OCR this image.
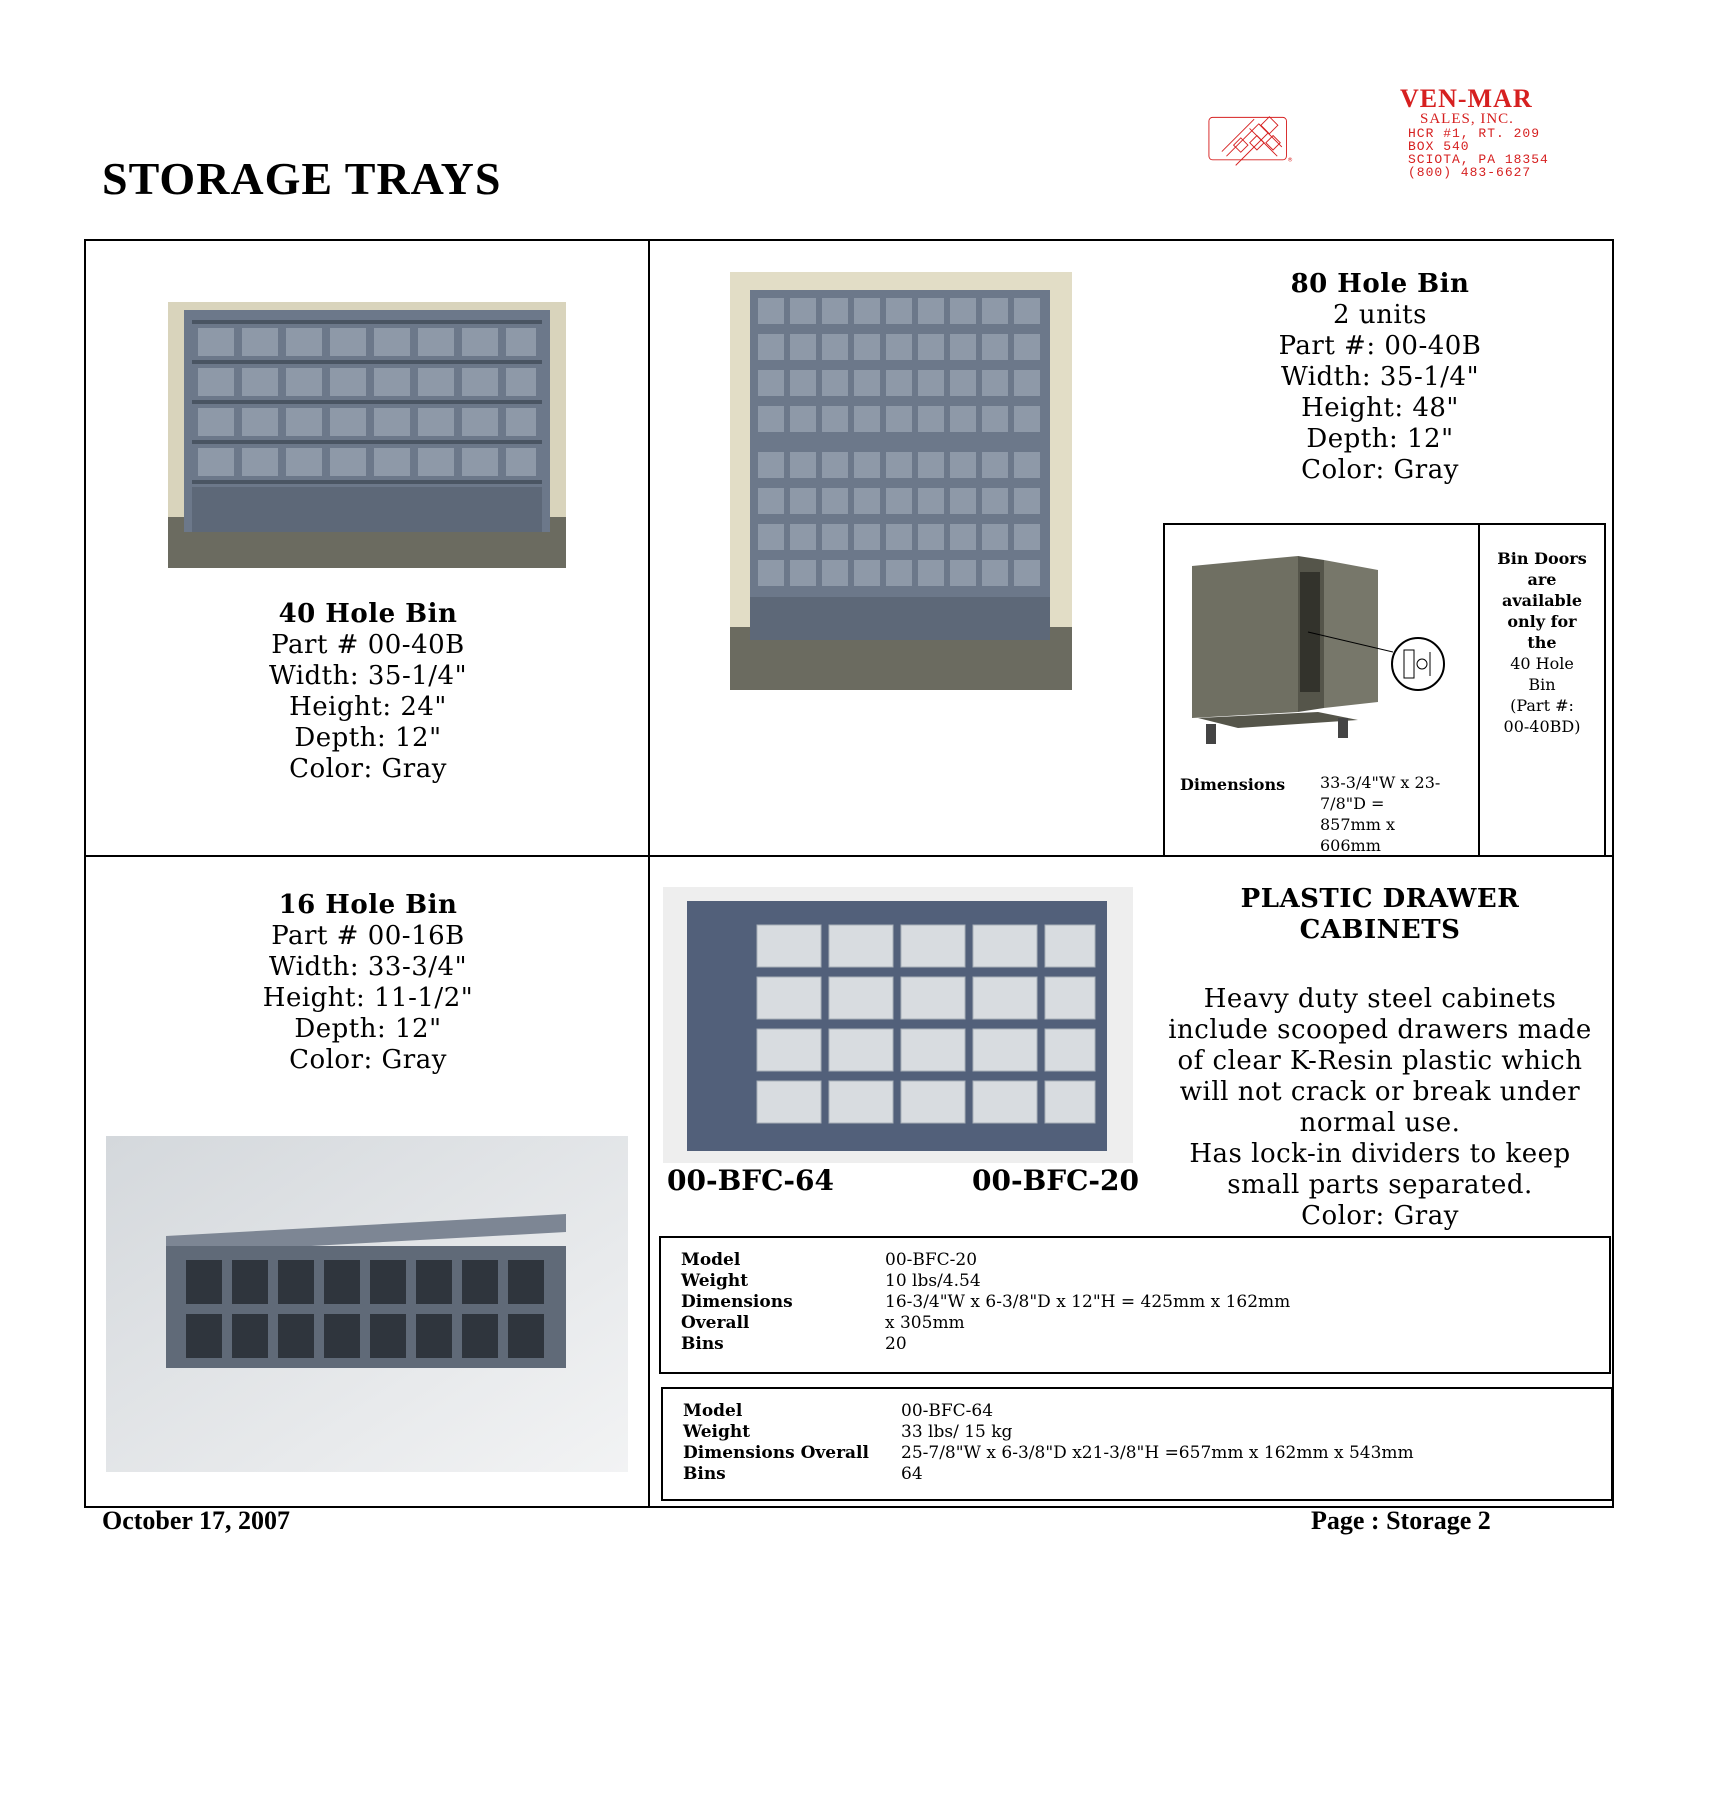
STORAGE TRAYS	®
VEN-MAR
SALES, INC.
HCR #1, RT. 209
BOX 540
SCIOTA, PA 18354
(800) 483-6627
40 Hole Bin
Part # 00-40B
Width: 35-1/4"
Height: 24"
Depth: 12"
Color: Gray
80 Hole Bin
2 units
Part #: 00-40B
Width: 35-1/4"
Height: 48"
Depth: 12"
Color: Gray
Bin Doors
are
available
only for
the
40 Hole
Bin
(Part #:
00-40BD)
Dimensions 33-3/4"W x 23-
7/8"D =
857mm x
606mm
16 Hole Bin
Part # 00-16B
Width: 33-3/4"
Height: 11-1/2"
Depth: 12"
Color: Gray
00-BFC-64	00-BFC-20
PLASTIC DRAWER
CABINETS
Heavy duty steel cabinets
include scooped drawers made
of clear K-Resin plastic which
will not crack or break under
normal use.
Has lock-in dividers to keep
small parts separated.
Color: Gray
Model	00-BFC-20
Weight	10 lbs/4.54
Dimensions	16-3/4"W x 6-3/8"D x 12"H = 425mm x 162mm
Overall	x 305mm
Bins	20
Model	00-BFC-64
Weight	33 lbs/ 15 kg
Dimensions Overall	25-7/8"W x 6-3/8"D x21-3/8"H =657mm x 162mm x 543mm
Bins	64
October 17, 2007	Page : Storage 2
